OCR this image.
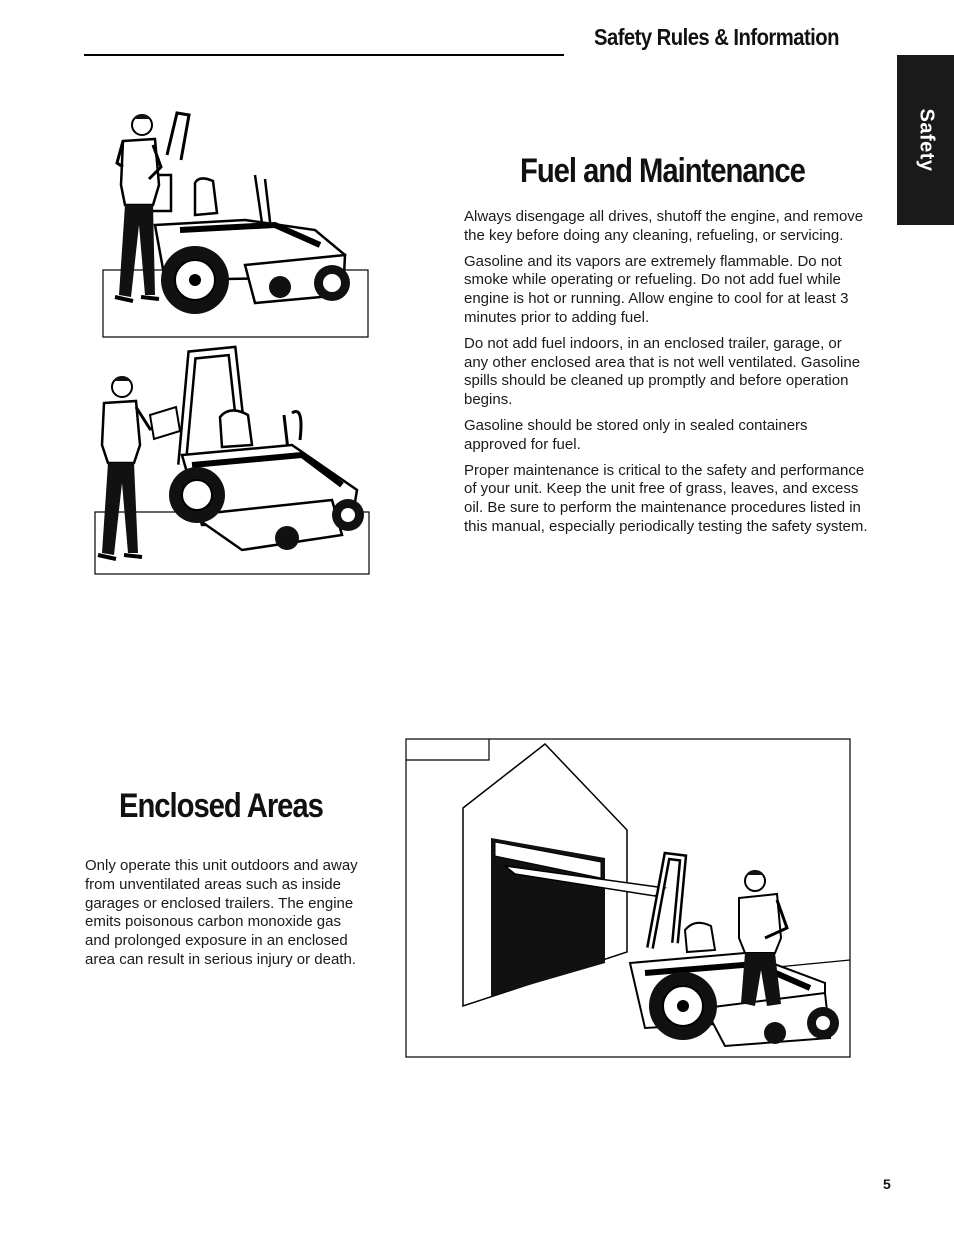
Safety Rules & Information
Safety
Fuel and Maintenance

Always disengage all drives, shutoff the engine, and remove the key before doing any cleaning, refueling, or servicing.

Gasoline and its vapors are extremely flammable. Do not smoke while operating or refueling. Do not add fuel while engine is hot or running. Allow engine to cool for at least 3 minutes prior to adding fuel.

Do not add fuel indoors, in an enclosed trailer, garage, or any other enclosed area that is not well ventilated. Gasoline spills should be cleaned up promptly and before operation begins.

Gasoline should be stored only in sealed containers approved for fuel.

Proper maintenance is critical to the safety and performance of your unit. Keep the unit free of grass, leaves, and excess oil. Be sure to perform the maintenance procedures listed in this manual, especially periodically testing the safety system.

Enclosed Areas

Only operate this unit outdoors and away from unventilated areas such as inside garages or enclosed trailers. The engine emits poisonous carbon monoxide gas and prolonged exposure in an enclosed area can result in serious injury or death.

5
